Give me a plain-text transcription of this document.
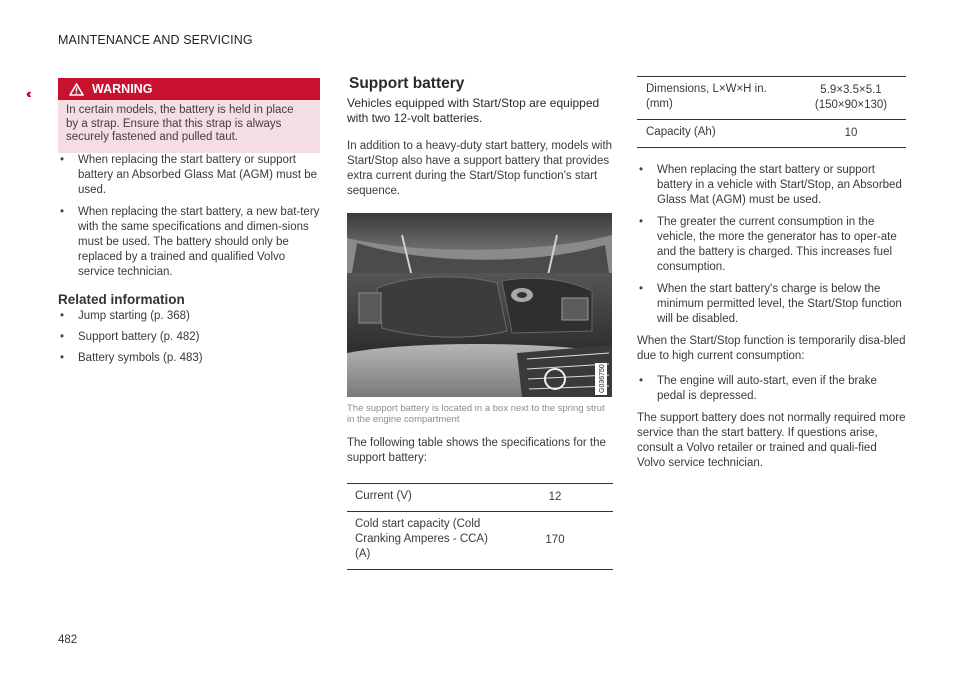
MAINTENANCE AND SERVICING
‹‹	WARNING
In certain models, the battery is held in place by a strap. Ensure that this strap is always securely fastened and pulled taut.
• When replacing the start battery or support battery an Absorbed Glass Mat (AGM) must be used.
• When replacing the start battery, a new bat-tery with the same specifications and dimen-sions must be used. The battery should only be replaced by a trained and qualified Volvo service technician.
Related information
• Jump starting (p. 368)
• Support battery (p. 482)
• Battery symbols (p. 483)
Support battery

Vehicles equipped with Start/Stop are equipped with two 12-volt batteries.

In addition to a heavy-duty start battery, models with Start/Stop also have a support battery that provides extra current during the Start/Stop function's start sequence.

G036750
The support battery is located in a box next to the spring strut in the engine compartment

The following table shows the specifications for the support battery:

Current (V)	12
Cold start capacity (Cold Cranking Amperes - CCA) (A)	170
Dimensions, L×W×H in. (mm)	5.9×3.5×5.1 (150×90×130)
Capacity (Ah)	10
• When replacing the start battery or support battery in a vehicle with Start/Stop, an Absorbed Glass Mat (AGM) must be used.
• The greater the current consumption in the vehicle, the more the generator has to oper-ate and the battery is charged. This increases fuel consumption.
• When the start battery's charge is below the minimum permitted level, the Start/Stop function will be disabled.

When the Start/Stop function is temporarily disa-bled due to high current consumption:

• The engine will auto-start, even if the brake pedal is depressed.

The support battery does not normally required more service than the start battery. If questions arise, consult a Volvo retailer or trained and quali-fied Volvo service technician.

482
